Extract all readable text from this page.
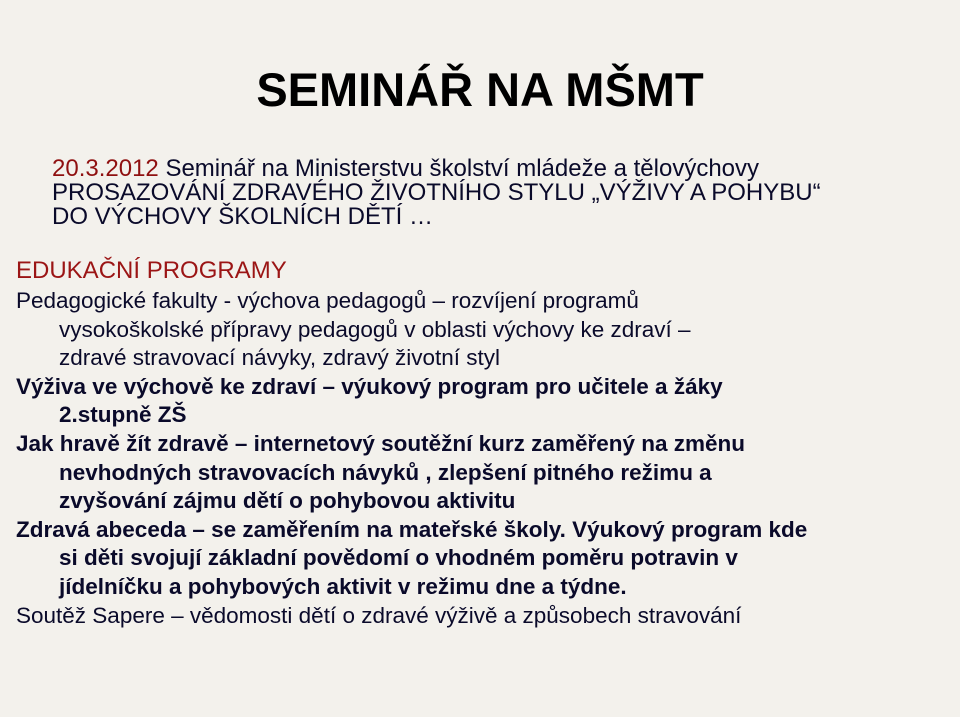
SEMINÁŘ NA MŠMT
20.3.2012 Seminář na Ministerstvu školství mládeže a tělovýchovy
PROSAZOVÁNÍ ZDRAVÉHO ŽIVOTNÍHO STYLU „VÝŽIVY A POHYBU“
DO VÝCHOVY ŠKOLNÍCH DĚTÍ …
EDUKAČNÍ PROGRAMY
Pedagogické fakulty - výchova pedagogů – rozvíjení programů
vysokoškolské přípravy pedagogů v oblasti výchovy ke zdraví –
zdravé stravovací návyky, zdravý životní styl
Výživa ve výchově ke zdraví – výukový program pro učitele a žáky
2.stupně ZŠ
Jak hravě žít zdravě – internetový soutěžní kurz zaměřený na změnu
nevhodných stravovacích návyků , zlepšení pitného režimu a
zvyšování zájmu dětí o pohybovou aktivitu
Zdravá abeceda – se zaměřením na mateřské školy. Výukový program kde
si děti svojují základní povědomí o vhodném poměru potravin v
jídelníčku a pohybových aktivit v režimu dne a týdne.
Soutěž Sapere – vědomosti dětí o zdravé výživě a způsobech stravování
